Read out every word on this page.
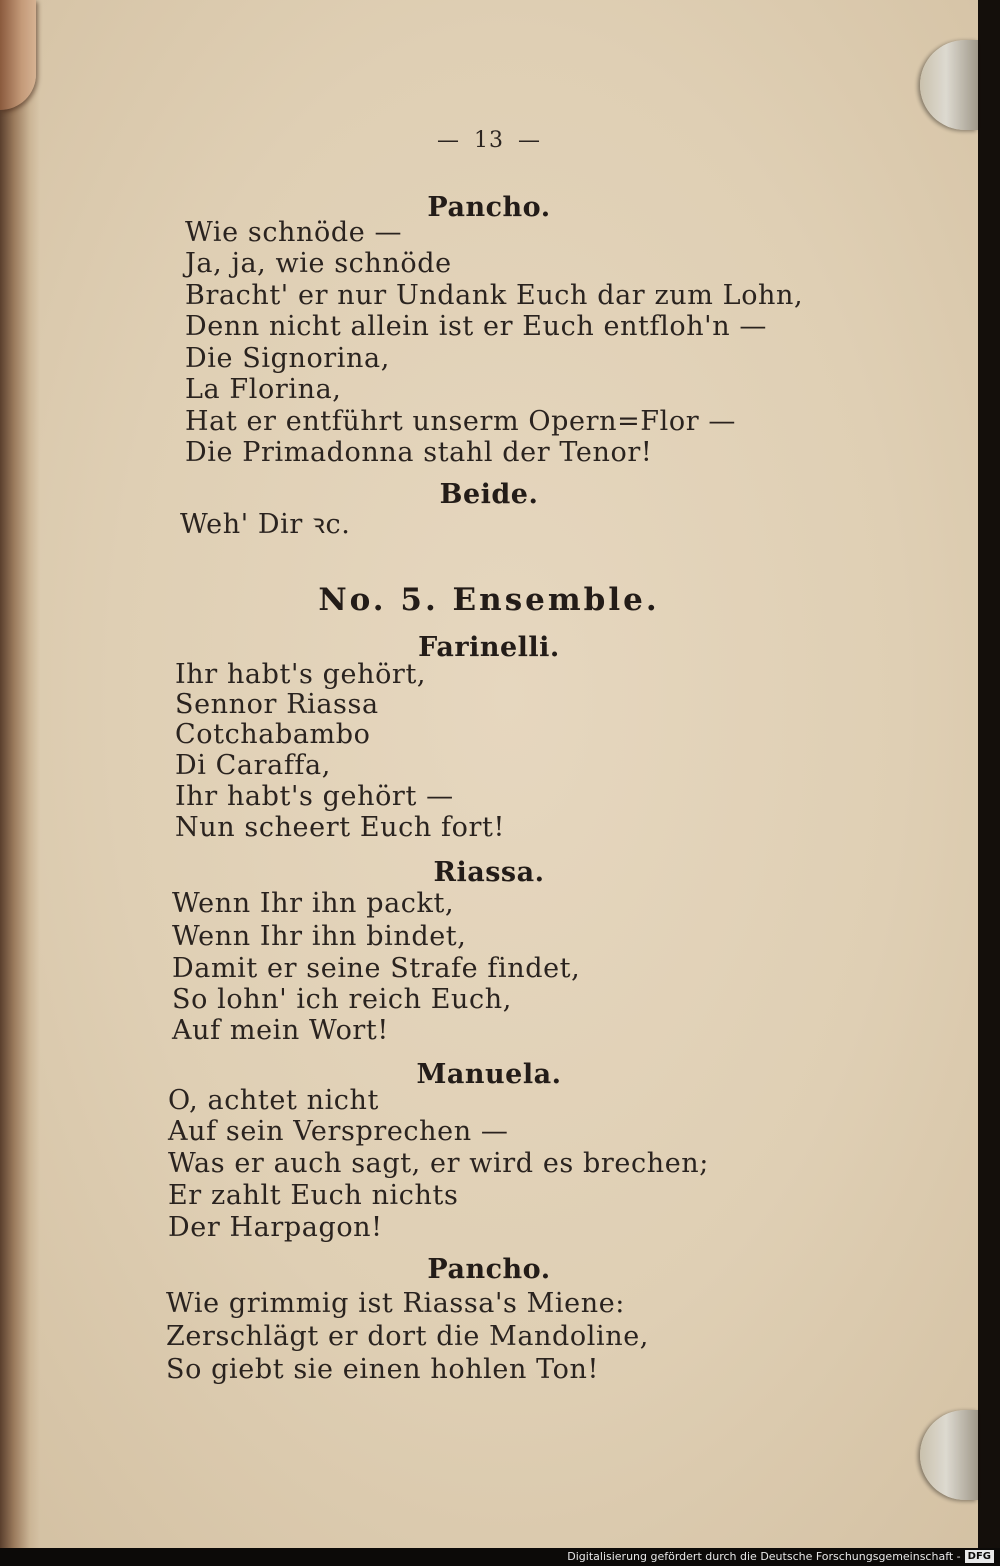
— 13 —
Pancho.
Wie schnöde —
Ja, ja, wie schnöde
Bracht' er nur Undank Euch dar zum Lohn,
Denn nicht allein ist er Euch entfloh'n —
Die Signorina,
La Florina,
Hat er entführt unserm Opern=Flor —
Die Primadonna stahl der Tenor!
Beide.
Weh' Dir ꝛc.
No. 5. Ensemble.
Farinelli.
Ihr habt's gehört,
Sennor Riassa
Cotchabambo
Di Caraffa,
Ihr habt's gehört —
Nun scheert Euch fort!
Riassa.
Wenn Ihr ihn packt,
Wenn Ihr ihn bindet,
Damit er seine Strafe findet,
So lohn' ich reich Euch,
Auf mein Wort!
Manuela.
O, achtet nicht
Auf sein Versprechen —
Was er auch sagt, er wird es brechen;
Er zahlt Euch nichts
Der Harpagon!
Pancho.
Wie grimmig ist Riassa's Miene:
Zerschlägt er dort die Mandoline,
So giebt sie einen hohlen Ton!
Digitalisierung gefördert durch die Deutsche Forschungsgemeinschaft - DFG
